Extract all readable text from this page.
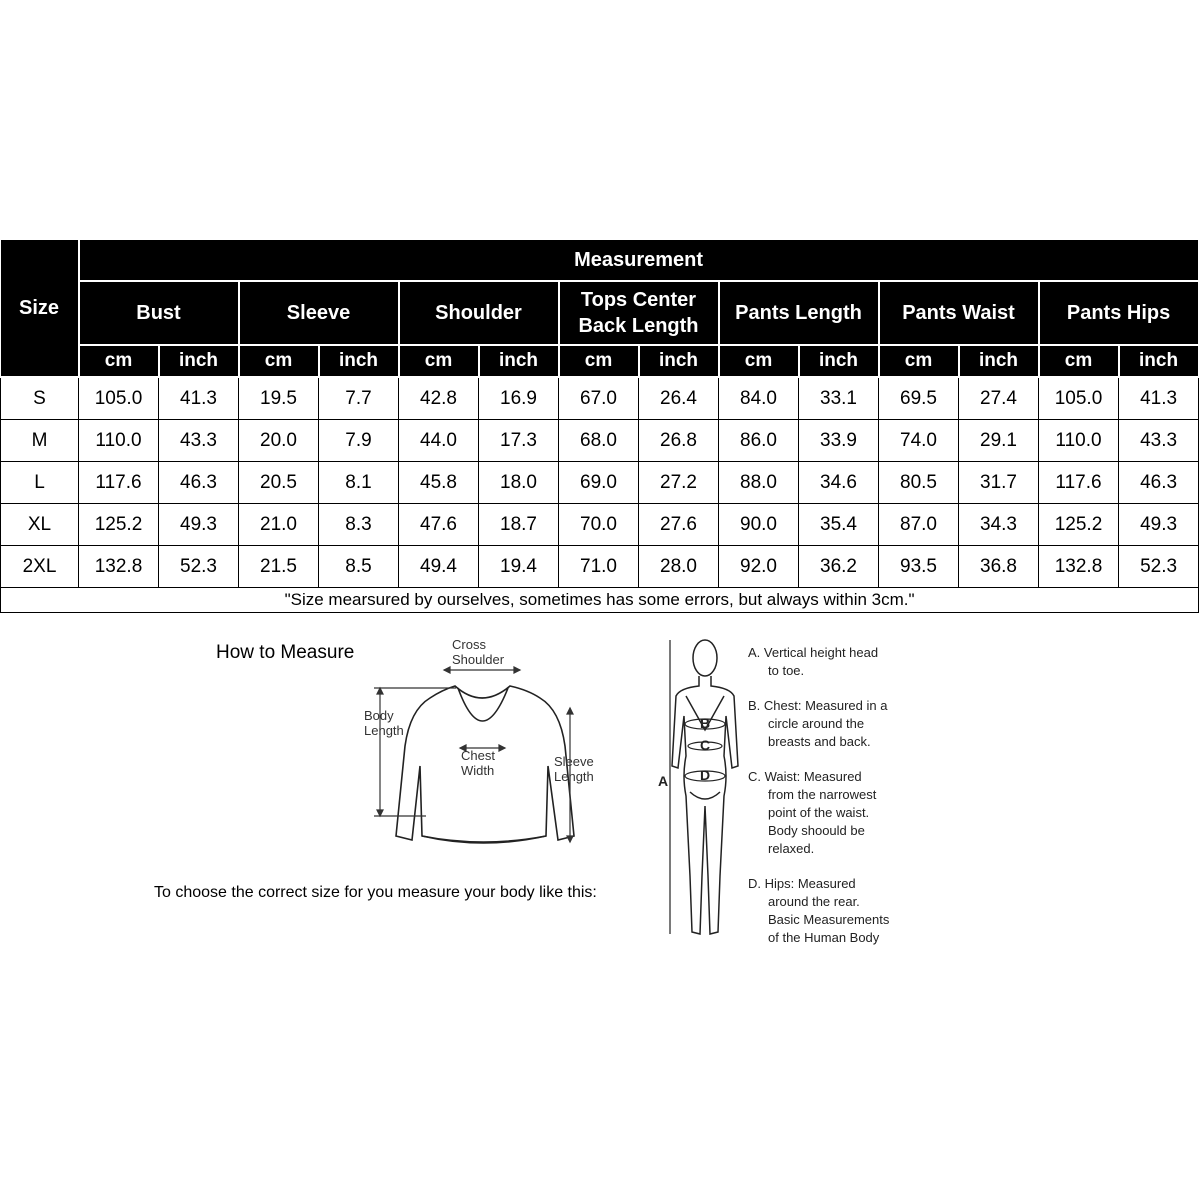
Size	Measurement													
	Bust		Sleeve		Shoulder		Tops Center Back Length		Pants Length		Pants Waist		Pants Hips	
	cm	inch	cm	inch	cm	inch	cm	inch	cm	inch	cm	inch	cm	inch
S	105.0	41.3	19.5	7.7	42.8	16.9	67.0	26.4	84.0	33.1	69.5	27.4	105.0	41.3
M	110.0	43.3	20.0	7.9	44.0	17.3	68.0	26.8	86.0	33.9	74.0	29.1	110.0	43.3
L	117.6	46.3	20.5	8.1	45.8	18.0	69.0	27.2	88.0	34.6	80.5	31.7	117.6	46.3
XL	125.2	49.3	21.0	8.3	47.6	18.7	70.0	27.6	90.0	35.4	87.0	34.3	125.2	49.3
2XL	132.8	52.3	21.5	8.5	49.4	19.4	71.0	28.0	92.0	36.2	93.5	36.8	132.8	52.3
"Size mearsured by ourselves, sometimes has some errors, but always within 3cm."														
How to Measure	Cross
Shoulder
Body
Length
Chest
Width
Sleeve
Length	A
B
C
D
A. Vertical height head
to toe.
B. Chest: Measured in a
circle around the
breasts and back.
C. Waist: Measured
from the narrowest
point of the waist.
Body shoould be
relaxed.
D. Hips: Measured
around the rear.
Basic Measurements
of the Human Body
To choose the correct size for you measure your body like this:
